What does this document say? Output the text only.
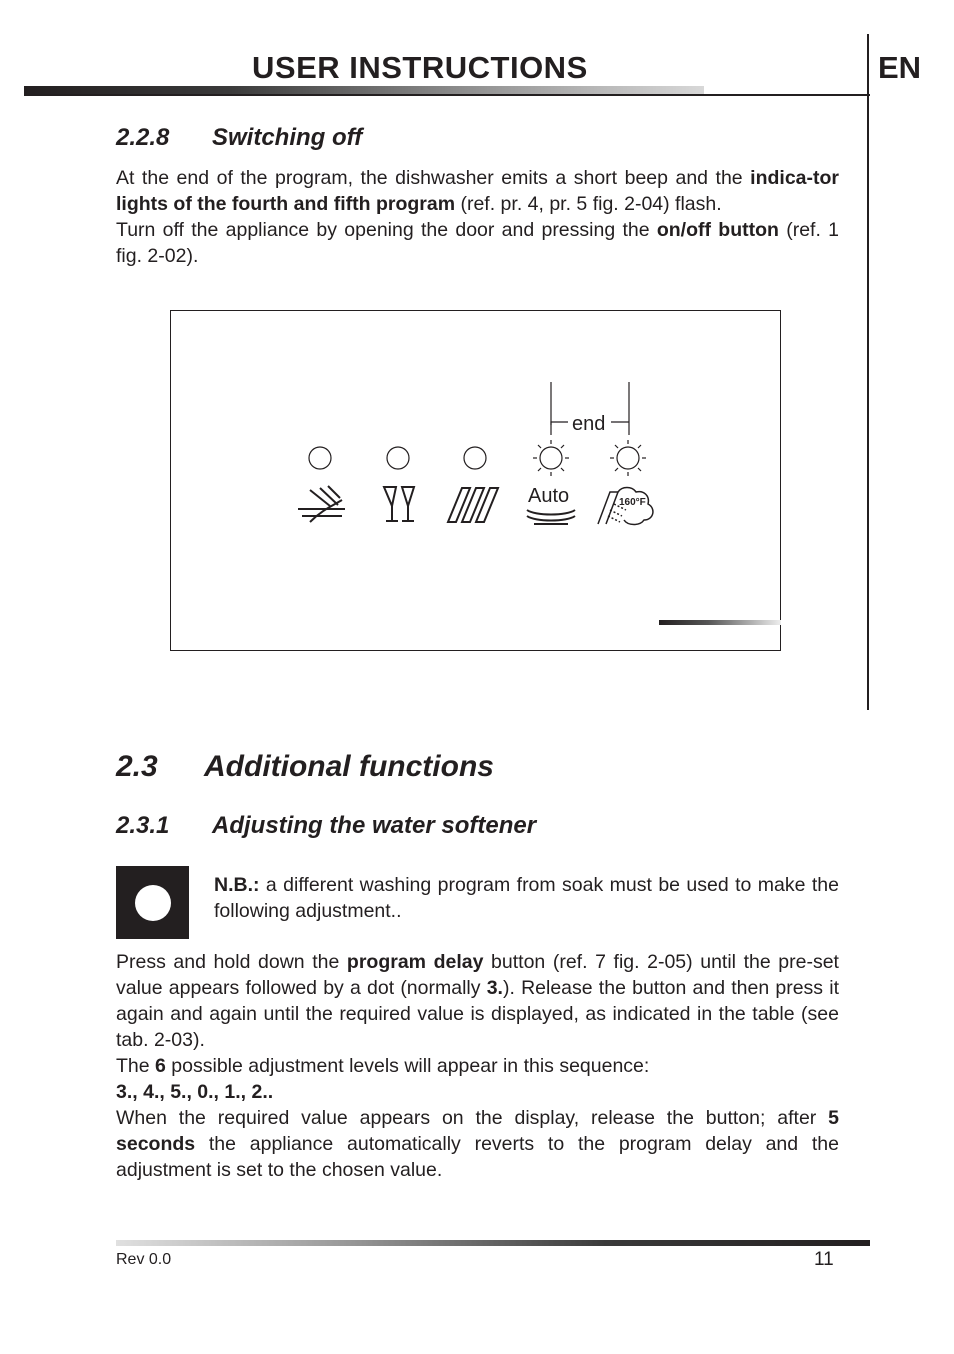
USER INSTRUCTIONS	EN
2.2.8 Switching off
At the end of the program, the dishwasher emits a short beep and the indica-tor lights of the fourth and fifth program (ref. pr. 4, pr. 5 fig. 2-04) flash.
Turn off the appliance by opening the door and pressing the on/off button (ref. 1 fig. 2-02).
end
Auto	160°F
2.3 Additional functions
2.3.1 Adjusting the water softener
N.B.: a different washing program from soak must be used to make the following adjustment..
Press and hold down the program delay button (ref. 7 fig. 2-05) until the pre-set value appears followed by a dot (normally 3.). Release the button and then press it again and again until the required value is displayed, as indicated in the table (see tab. 2-03).
The 6 possible adjustment levels will appear in this sequence:
3., 4., 5., 0., 1., 2..
When the required value appears on the display, release the button; after 5 seconds the appliance automatically reverts to the program delay and the adjustment is set to the chosen value.
Rev 0.0	11
